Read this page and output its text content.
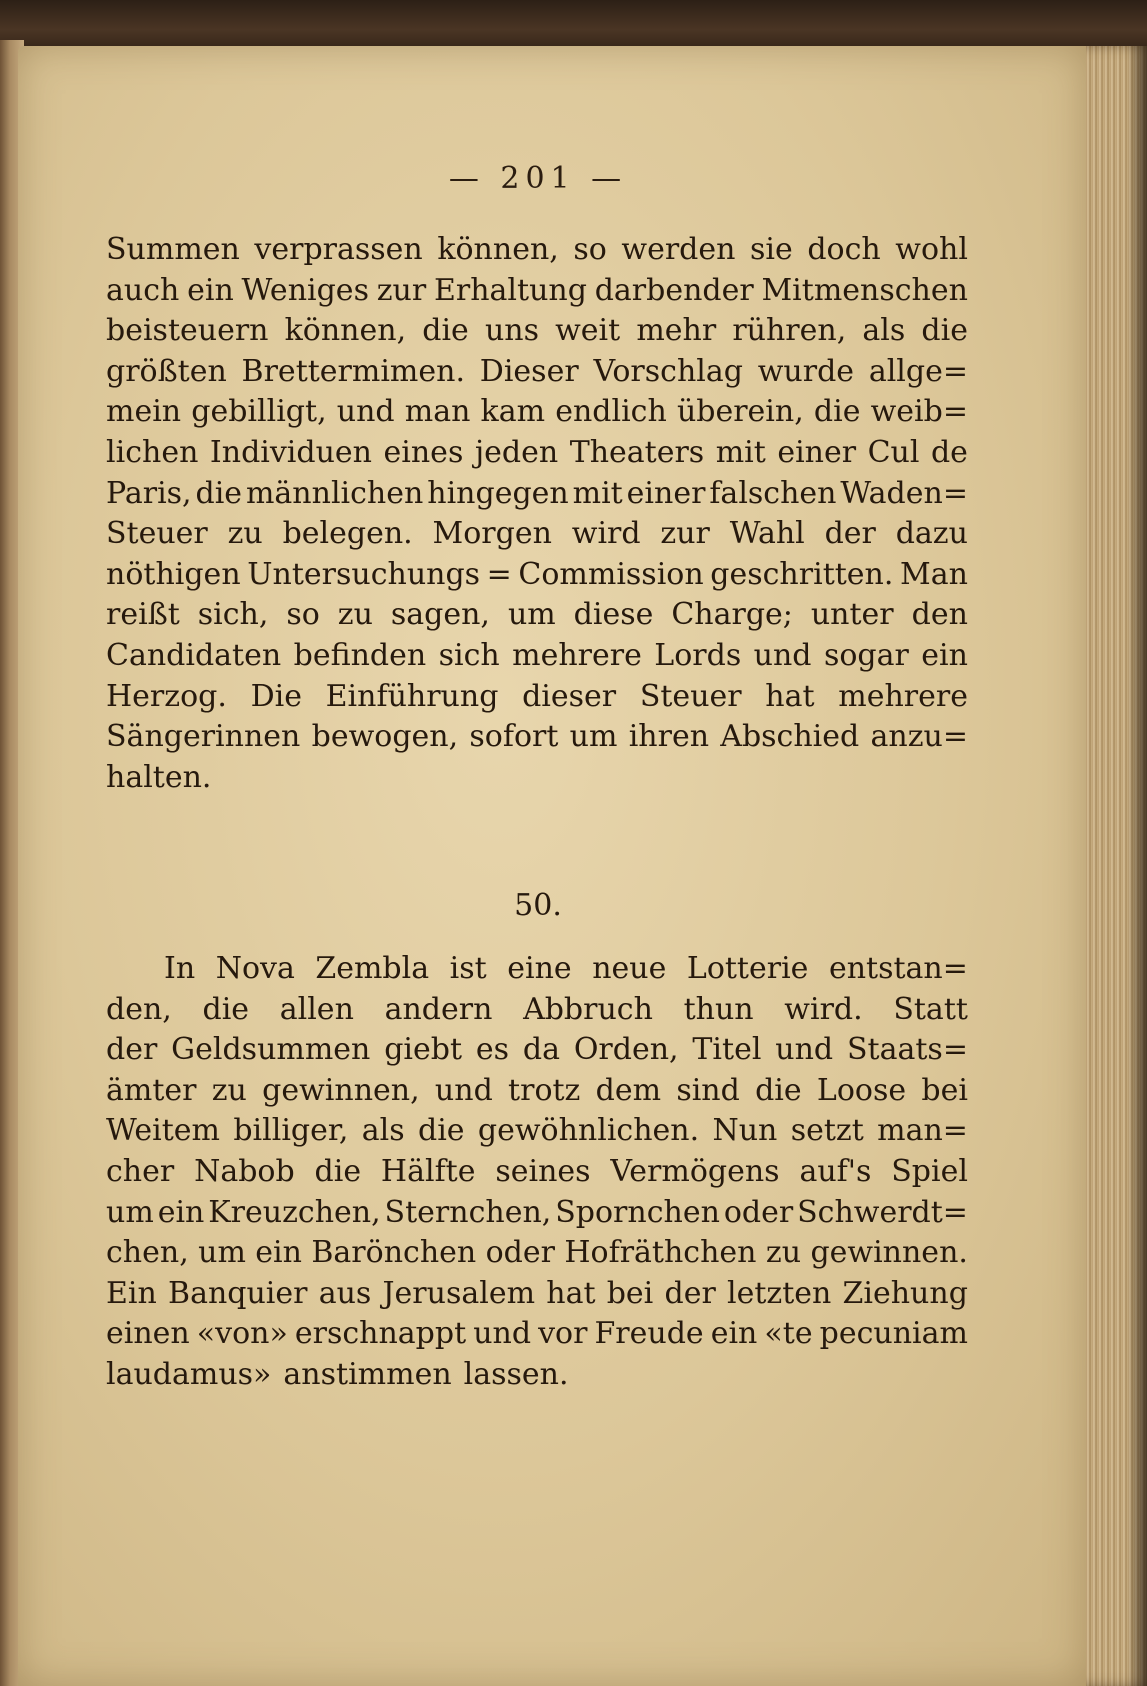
— 201 —
Summen verprassen können, so werden sie doch wohl
auch ein Weniges zur Erhaltung darbender Mitmenschen
beisteuern können, die uns weit mehr rühren, als die
größten Brettermimen. Dieser Vorschlag wurde allge=
mein gebilligt, und man kam endlich überein, die weib=
lichen Individuen eines jeden Theaters mit einer Cul de
Paris, die männlichen hingegen mit einer falschen Waden=
Steuer zu belegen. Morgen wird zur Wahl der dazu
nöthigen Untersuchungs = Commission geschritten. Man
reißt sich, so zu sagen, um diese Charge; unter den
Candidaten befinden sich mehrere Lords und sogar ein
Herzog. Die Einführung dieser Steuer hat mehrere
Sängerinnen bewogen, sofort um ihren Abschied anzu=
halten.
50.
In Nova Zembla ist eine neue Lotterie entstan=
den, die allen andern Abbruch thun wird. Statt
der Geldsummen giebt es da Orden, Titel und Staats=
ämter zu gewinnen, und trotz dem sind die Loose bei
Weitem billiger, als die gewöhnlichen. Nun setzt man=
cher Nabob die Hälfte seines Vermögens auf's Spiel
um ein Kreuzchen, Sternchen, Spornchen oder Schwerdt=
chen, um ein Barönchen oder Hofräthchen zu gewinnen.
Ein Banquier aus Jerusalem hat bei der letzten Ziehung
einen «von» erschnappt und vor Freude ein «te pecuniam
laudamus» anstimmen lassen.
